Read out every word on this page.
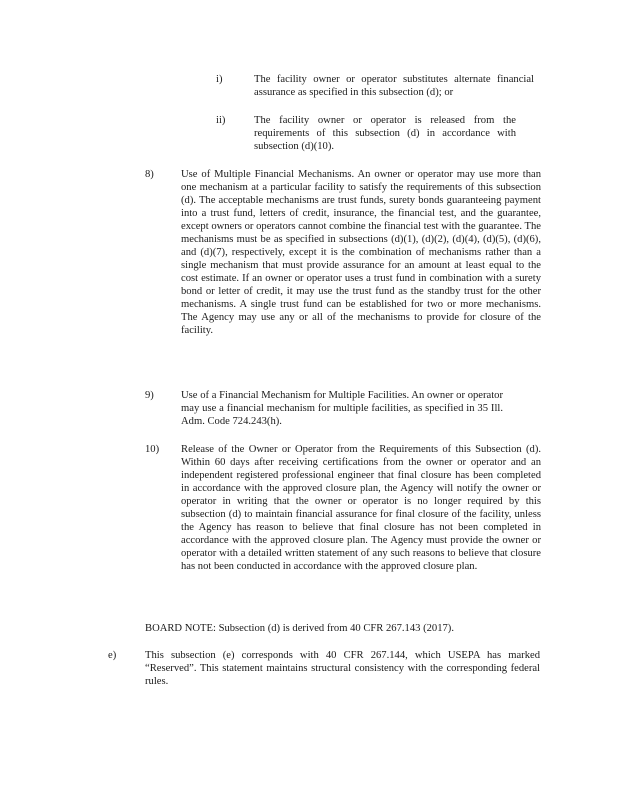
i)	The facility owner or operator substitutes alternate financial assurance as specified in this subsection (d); or
ii)	The facility owner or operator is released from the requirements of this subsection (d) in accordance with subsection (d)(10).
8)	Use of Multiple Financial Mechanisms. An owner or operator may use more than one mechanism at a particular facility to satisfy the requirements of this subsection (d). The acceptable mechanisms are trust funds, surety bonds guaranteeing payment into a trust fund, letters of credit, insurance, the financial test, and the guarantee, except owners or operators cannot combine the financial test with the guarantee. The mechanisms must be as specified in subsections (d)(1), (d)(2), (d)(4), (d)(5), (d)(6), and (d)(7), respectively, except it is the combination of mechanisms rather than a single mechanism that must provide assurance for an amount at least equal to the cost estimate. If an owner or operator uses a trust fund in combination with a surety bond or letter of credit, it may use the trust fund as the standby trust for the other mechanisms. A single trust fund can be established for two or more mechanisms. The Agency may use any or all of the mechanisms to provide for closure of the facility.
9)	Use of a Financial Mechanism for Multiple Facilities. An owner or operator may use a financial mechanism for multiple facilities, as specified in 35 Ill. Adm. Code 724.243(h).
10) Release of the Owner or Operator from the Requirements of this Subsection (d). Within 60 days after receiving certifications from the owner or operator and an independent registered professional engineer that final closure has been completed in accordance with the approved closure plan, the Agency will notify the owner or operator in writing that the owner or operator is no longer required by this subsection (d) to maintain financial assurance for final closure of the facility, unless the Agency has reason to believe that final closure has not been completed in accordance with the approved closure plan. The Agency must provide the owner or operator with a detailed written statement of any such reasons to believe that closure has not been conducted in accordance with the approved closure plan.
BOARD NOTE: Subsection (d) is derived from 40 CFR 267.143 (2017).
e)	This subsection (e) corresponds with 40 CFR 267.144, which USEPA has marked “Reserved”. This statement maintains structural consistency with the corresponding federal rules.
